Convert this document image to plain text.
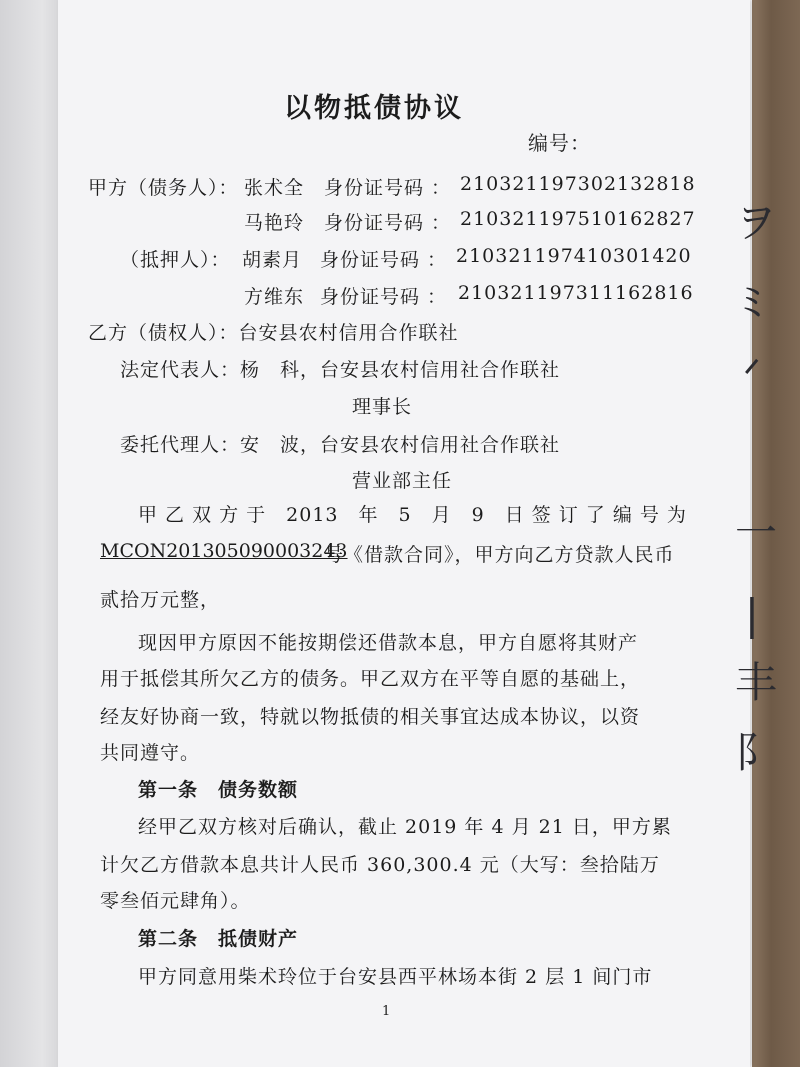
以物抵债协议
编号：
甲方（债务人）： 张术全 身份证号码 ： 210321197302132818
马艳玲 身份证号码 ： 210321197510162827
（抵押人）： 胡素月 身份证号码 ： 210321197410301420
方维东 身份证号码 ： 210321197311162816
乙方（债权人）：台安县农村信用合作联社
法定代表人：杨　科，台安县农村信用社合作联社
理事长
委托代理人：安　波，台安县农村信用社合作联社
营业部主任
甲 乙 双 方 于　2013　年　5　月　9　日 签 订 了 编 号 为
MCON201305090003243
号《借款合同》，甲方向乙方贷款人民币
贰拾万元整，
现因甲方原因不能按期偿还借款本息，甲方自愿将其财产
用于抵偿其所欠乙方的债务。甲乙双方在平等自愿的基础上，
经友好协商一致，特就以物抵债的相关事宜达成本协议，以资
共同遵守。
第一条　债务数额
经甲乙双方核对后确认，截止 2019 年 4 月 21 日，甲方累
计欠乙方借款本息共计人民币 360,300.4 元（大写：叁拾陆万
零叁佰元肆角）。
第二条　抵债财产
甲方同意用柴术玲位于台安县西平林场本街 2 层 1 间门市
1
ヲ
ﾐ
ᐟ
一
|
丰
阝
